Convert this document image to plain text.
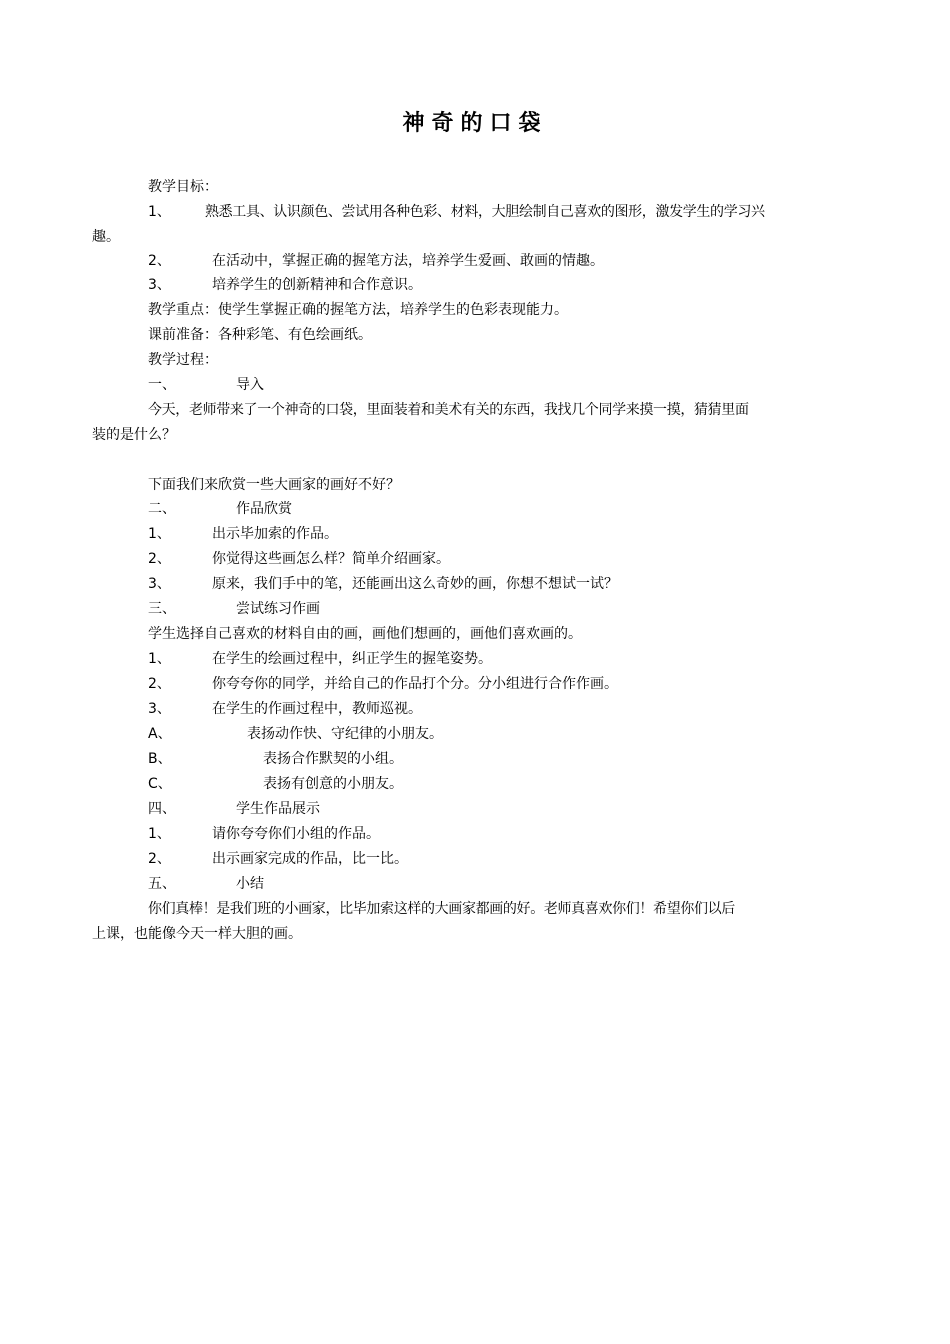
神奇的口袋
教学目标：
1、 熟悉工具、认识颜色、尝试用各种色彩、材料，大胆绘制自己喜欢的图形，激发学生的学习兴
趣。
2、	在活动中，掌握正确的握笔方法，培养学生爱画、敢画的情趣。
3、	培养学生的创新精神和合作意识。
教学重点：使学生掌握正确的握笔方法，培养学生的色彩表现能力。
课前准备：各种彩笔、有色绘画纸。
教学过程：
一、	导入
今天，老师带来了一个神奇的口袋，里面装着和美术有关的东西，我找几个同学来摸一摸，猜猜里面
装的是什么？
下面我们来欣赏一些大画家的画好不好？
二、	作品欣赏
1、	出示毕加索的作品。
2、	你觉得这些画怎么样？简单介绍画家。
3、	原来，我们手中的笔，还能画出这么奇妙的画，你想不想试一试？
三、	尝试练习作画
学生选择自己喜欢的材料自由的画，画他们想画的，画他们喜欢画的。
1、	在学生的绘画过程中，纠正学生的握笔姿势。
2、	你夸夸你的同学，并给自己的作品打个分。分小组进行合作作画。
3、	在学生的作画过程中，教师巡视。
A、	表扬动作快、守纪律的小朋友。
B、	表扬合作默契的小组。
C、	表扬有创意的小朋友。
四、	学生作品展示
1、	请你夸夸你们小组的作品。
2、	出示画家完成的作品，比一比。
五、	小结
你们真棒！是我们班的小画家，比毕加索这样的大画家都画的好。老师真喜欢你们！希望你们以后
上课，也能像今天一样大胆的画。
